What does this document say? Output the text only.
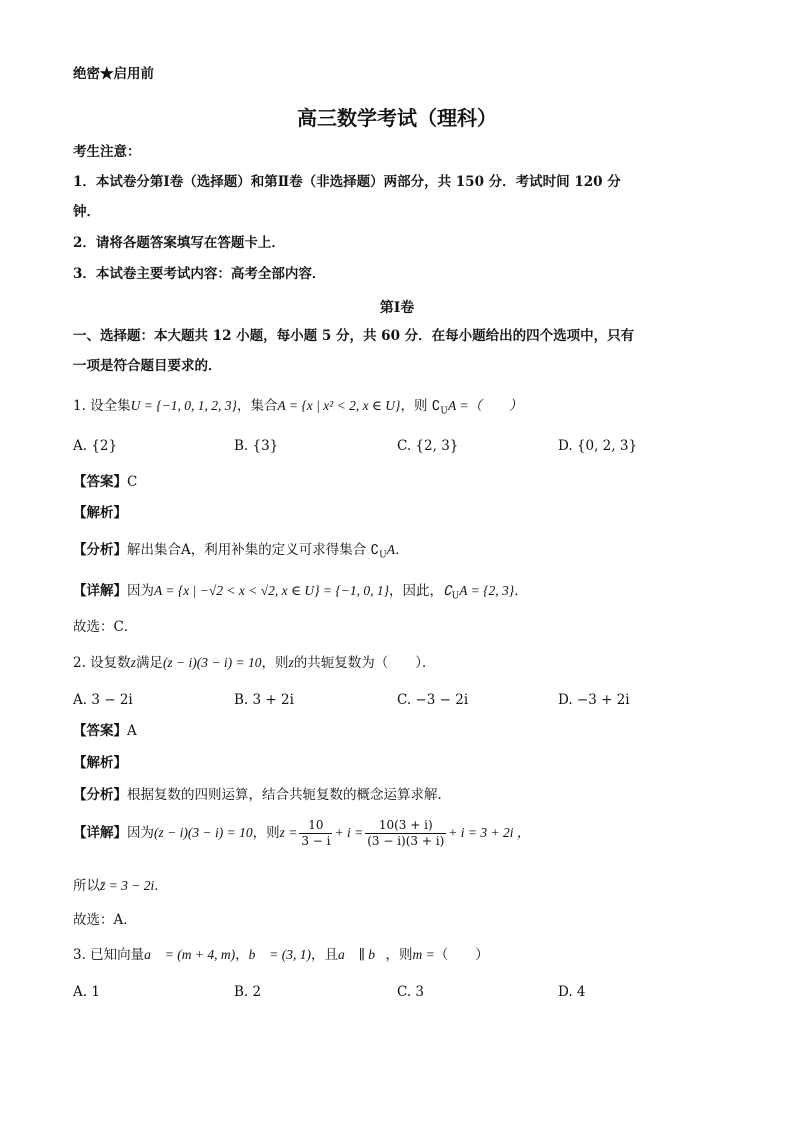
绝密★启用前
高三数学考试（理科）
考生注意：
1．本试卷分第Ⅰ卷（选择题）和第Ⅱ卷（非选择题）两部分，共 150 分．考试时间 120 分
钟．
2．请将各题答案填写在答题卡上．
3．本试卷主要考试内容：高考全部内容．
第Ⅰ卷
一、选择题：本大题共 12 小题，每小题 5 分，共 60 分．在每小题给出的四个选项中，只有
一项是符合题目要求的．
1. 设全集U = {−1, 0, 1, 2, 3}，集合A = {x | x² < 2, x ∈ U}，则 $∁_UA$ =（　　）
A. {2}	B. {3}	C. {2, 3}	D. {0, 2, 3}
【答案】C
【解析】
【分析】解出集合A，利用补集的定义可求得集合 $∁_UA$．
【详解】因为A = {x | −√2 < x < √2, x ∈ U} = {−1, 0, 1}，因此，$∁_UA = \{2$, 3}．
故选：C．
2. 设复数z满足(z − i)(3 − i) = 10，则z的共轭复数为（　　）．
A. 3 − 2i	B. 3 + 2i	C. −3 − 2i	D. −3 + 2i
【答案】A
【解析】
【分析】根据复数的四则运算，结合共轭复数的概念运算求解．
【详解】因为(z − i)(3 − i) = 10，则$z = \frac{10}{3 - i} + i = \frac{10(3 + i)}{(3 - i)(3 + i)} + i = 3 + 2i$ ，
所以z̄ = 3 − 2i．
故选：A．
3. 已知向量a⃗ = (m + 4, m)，b⃗ = (3, 1)，且a⃗ ∥ b⃗，则m =（　　）
A. 1	B. 2	C. 3	D. 4
